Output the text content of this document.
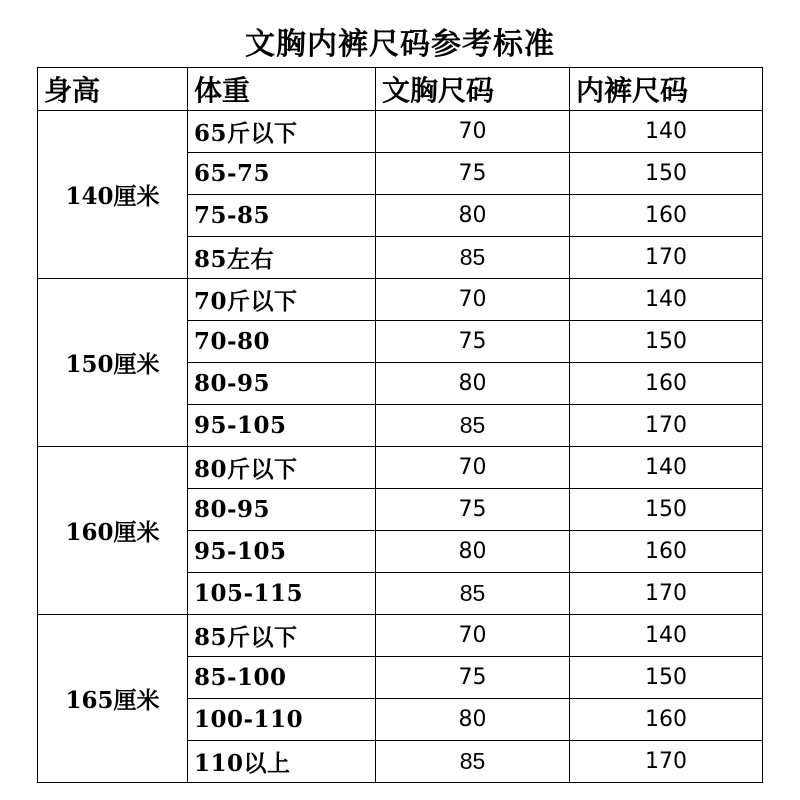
文胸内裤尺码参考标准
身高	体重	文胸尺码	内裤尺码
140厘米	65斤以下	70	140
	65-75	75	150
	75-85	80	160
	85左右	85	170
150厘米	70斤以下	70	140
	70-80	75	150
	80-95	80	160
	95-105	85	170
160厘米	80斤以下	70	140
	80-95	75	150
	95-105	80	160
	105-115	85	170
165厘米	85斤以下	70	140
	85-100	75	150
	100-110	80	160
	110以上	85	170
